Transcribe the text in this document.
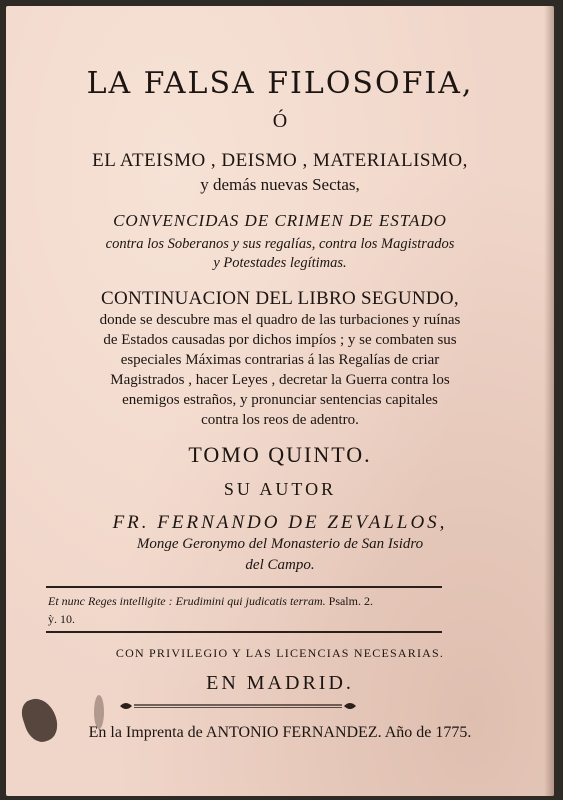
LA FALSA FILOSOFIA,
Ó
EL ATEISMO , DEISMO , MATERIALISMO,
y demás nuevas Sectas,
CONVENCIDAS DE CRIMEN DE ESTADO
contra los Soberanos y sus regalías, contra los Magistrados
y Potestades legítimas.
CONTINUACION DEL LIBRO SEGUNDO,
donde se descubre mas el quadro de las turbaciones y ruínas
de Estados causadas por dichos impíos ; y se combaten sus
especiales Máximas contrarias á las Regalías de criar
Magistrados , hacer Leyes , decretar la Guerra contra los
enemigos estraños, y pronunciar sentencias capitales
contra los reos de adentro.
TOMO QUINTO.
SU AUTOR
FR. FERNANDO DE ZEVALLOS,
Monge Geronymo del Monasterio de San Isidro
del Campo.
Et nunc Reges intelligite : Erudimini qui judicatis terram. Psalm. 2.
ỳ. 10.
CON PRIVILEGIO Y LAS LICENCIAS NECESARIAS.
EN MADRID.
En la Imprenta de ANTONIO FERNANDEZ. Año de 1775.
